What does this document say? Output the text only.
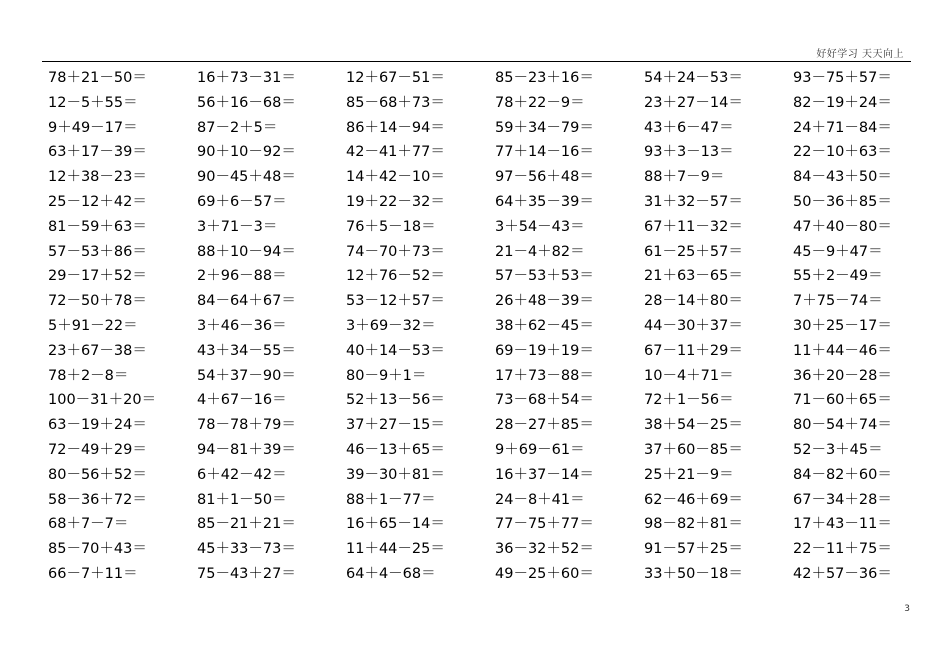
好好学习 天天向上
78＋21－50＝	16＋73－31＝	12＋67－51＝	85－23＋16＝	54＋24－53＝	93－75＋57＝
12－5＋55＝	56＋16－68＝	85－68＋73＝	78＋22－9＝	23＋27－14＝	82－19＋24＝
9＋49－17＝	87－2＋5＝	86＋14－94＝	59＋34－79＝	43＋6－47＝	24＋71－84＝
63＋17－39＝	90＋10－92＝	42－41＋77＝	77＋14－16＝	93＋3－13＝	22－10＋63＝
12＋38－23＝	90－45＋48＝	14＋42－10＝	97－56＋48＝	88＋7－9＝	84－43＋50＝
25－12＋42＝	69＋6－57＝	19＋22－32＝	64＋35－39＝	31＋32－57＝	50－36＋85＝
81－59＋63＝	3＋71－3＝	76＋5－18＝	3＋54－43＝	67＋11－32＝	47＋40－80＝
57－53＋86＝	88＋10－94＝	74－70＋73＝	21－4＋82＝	61－25＋57＝	45－9＋47＝
29－17＋52＝	2＋96－88＝	12＋76－52＝	57－53＋53＝	21＋63－65＝	55＋2－49＝
72－50＋78＝	84－64＋67＝	53－12＋57＝	26＋48－39＝	28－14＋80＝	7＋75－74＝
5＋91－22＝	3＋46－36＝	3＋69－32＝	38＋62－45＝	44－30＋37＝	30＋25－17＝
23＋67－38＝	43＋34－55＝	40＋14－53＝	69－19＋19＝	67－11＋29＝	11＋44－46＝
78＋2－8＝	54＋37－90＝	80－9＋1＝	17＋73－88＝	10－4＋71＝	36＋20－28＝
100－31＋20＝	4＋67－16＝	52＋13－56＝	73－68＋54＝	72＋1－56＝	71－60＋65＝
63－19＋24＝	78－78＋79＝	37＋27－15＝	28－27＋85＝	38＋54－25＝	80－54＋74＝
72－49＋29＝	94－81＋39＝	46－13＋65＝	9＋69－61＝	37＋60－85＝	52－3＋45＝
80－56＋52＝	6＋42－42＝	39－30＋81＝	16＋37－14＝	25＋21－9＝	84－82＋60＝
58－36＋72＝	81＋1－50＝	88＋1－77＝	24－8＋41＝	62－46＋69＝	67－34＋28＝
68＋7－7＝	85－21＋21＝	16＋65－14＝	77－75＋77＝	98－82＋81＝	17＋43－11＝
85－70＋43＝	45＋33－73＝	11＋44－25＝	36－32＋52＝	91－57＋25＝	22－11＋75＝
66－7＋11＝	75－43＋27＝	64＋4－68＝	49－25＋60＝	33＋50－18＝	42＋57－36＝
3
